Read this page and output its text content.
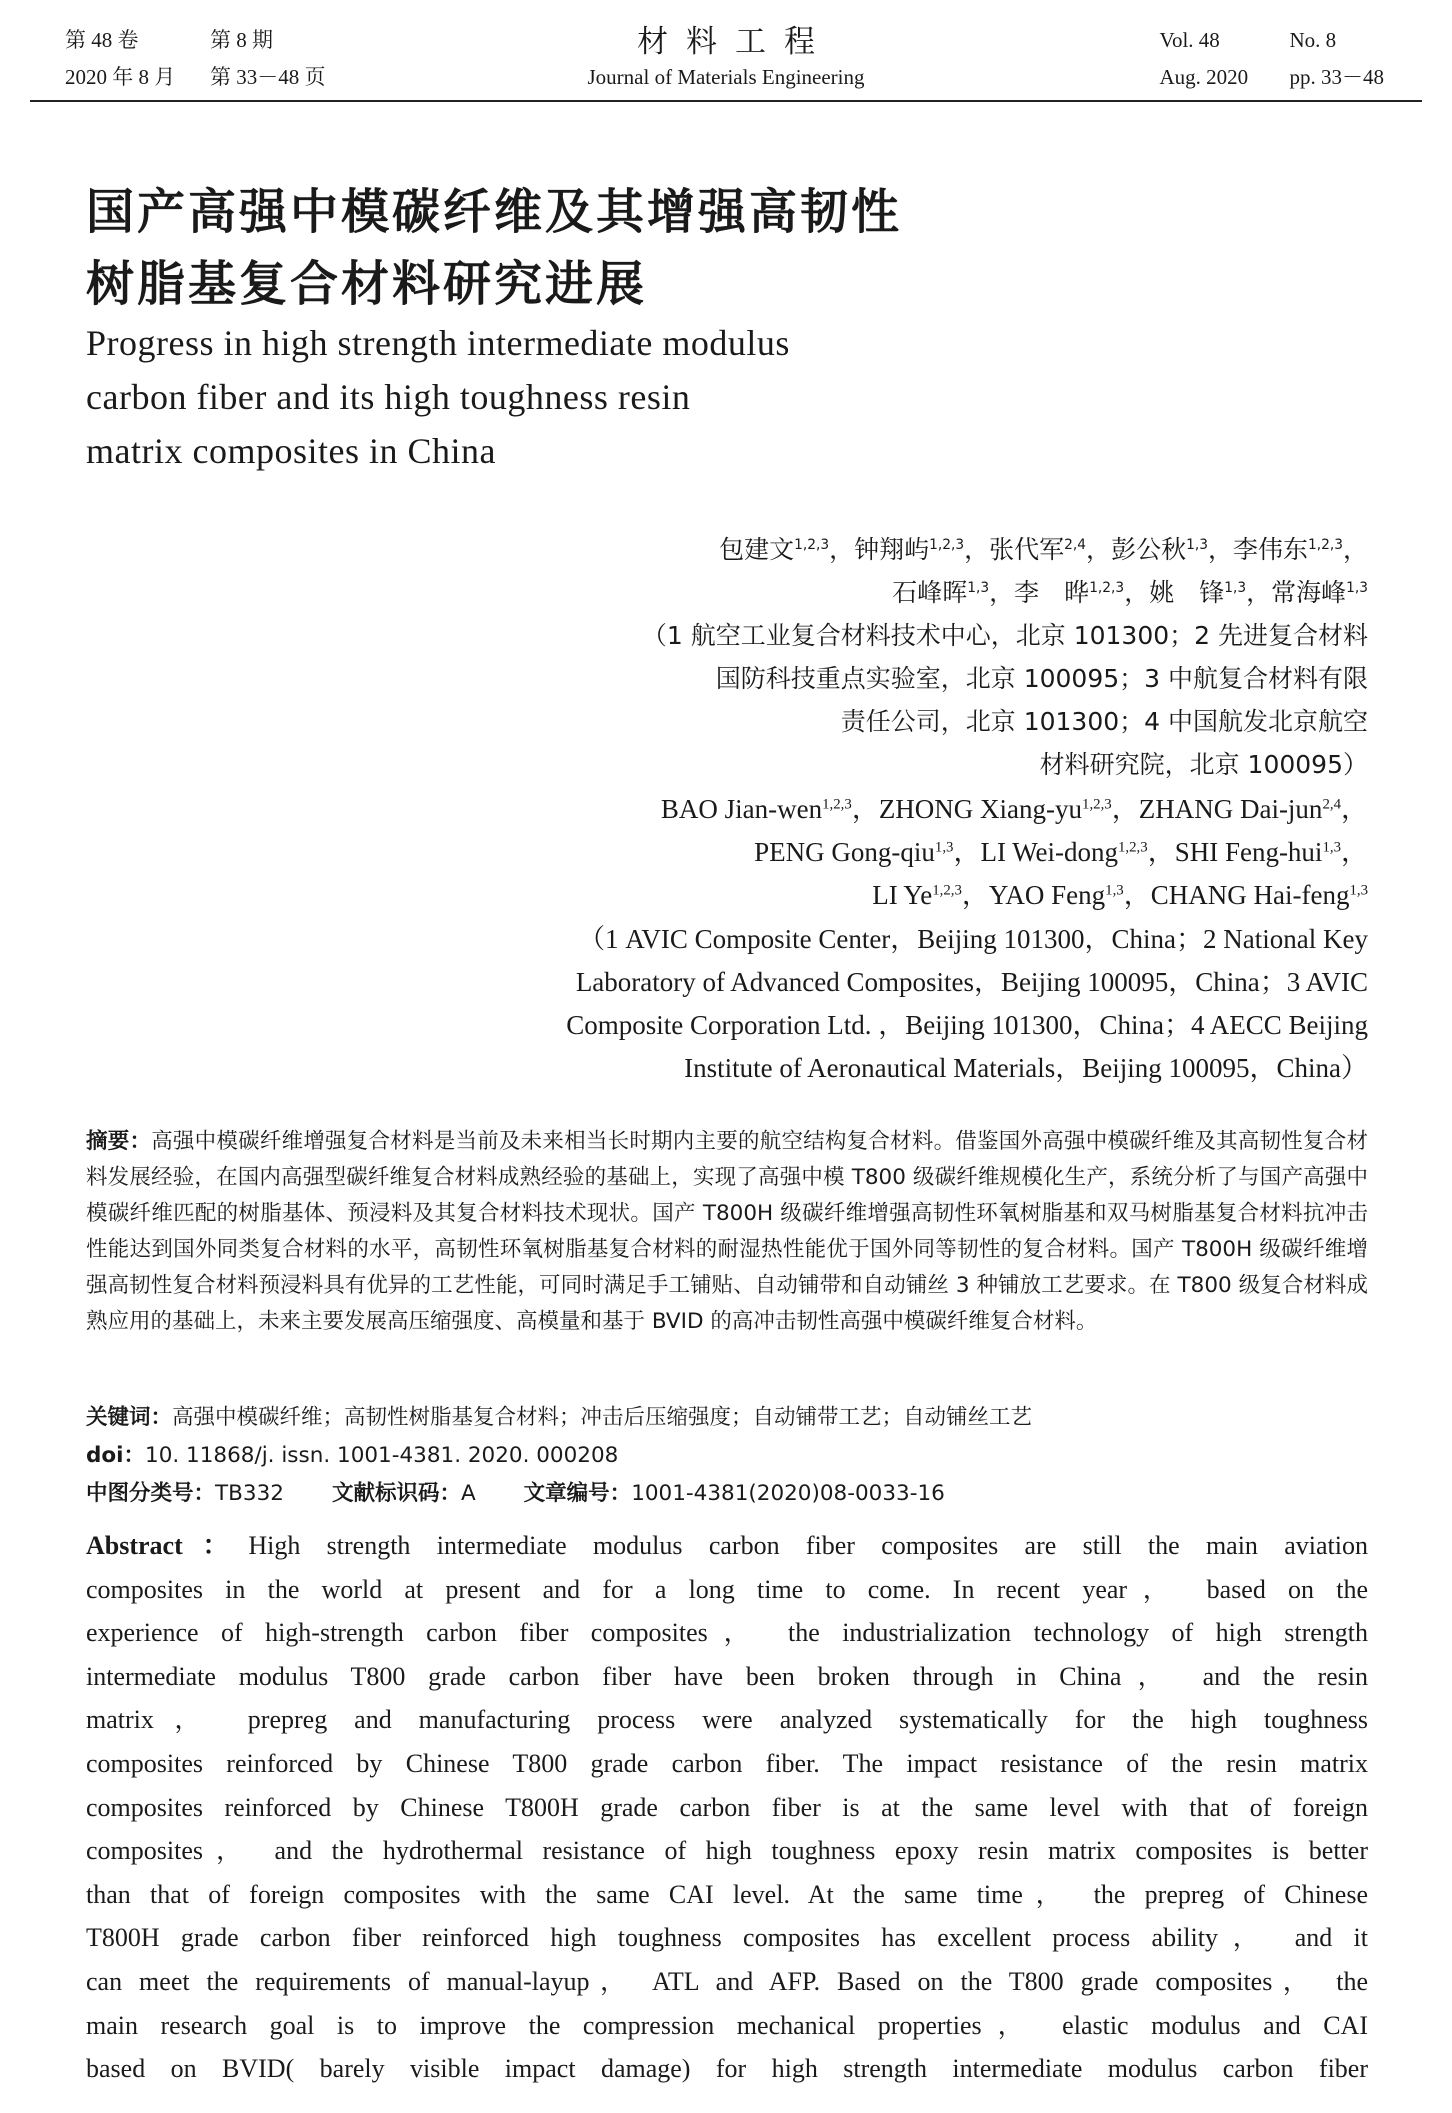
第 48 卷	第 8 期
2020 年 8 月 第 33－48 页
材料工程
Journal of Materials Engineering
Vol. 48	No. 8
Aug. 2020 pp. 33－48
国产高强中模碳纤维及其增强高韧性
树脂基复合材料研究进展
Progress in high strength intermediate modulus
carbon fiber and its high toughness resin
matrix composites in China
包建文$^{1,2,3}$，钟翔屿$^{1,2,3}$，张代军$^{2,4}$，彭公秋$^{1,3}$，李伟东$^{1,2,3}$，
石峰晖$^{1,3}$，李　晔$^{1,2,3}$，姚　锋$^{1,3}$，常海峰$^{1,3}$
（1 航空工业复合材料技术中心，北京 101300；2 先进复合材料
国防科技重点实验室，北京 100095；3 中航复合材料有限
责任公司，北京 101300；4 中国航发北京航空
材料研究院，北京 100095）
BAO Jian-wen$^{1,2,3}$，ZHONG Xiang-yu$^{1,2,3}$，ZHANG Dai-jun$^{2,4}$，
PENG Gong-qiu$^{1,3}$，LI Wei-dong$^{1,2,3}$，SHI Feng-hui$^{1,3}$，
LI Ye$^{1,2,3}$，YAO Feng$^{1,3}$，CHANG Hai-feng$^{1,3}$
（1 AVIC Composite Center，Beijing 101300，China；2 National Key
Laboratory of Advanced Composites，Beijing 100095，China；3 AVIC
Composite Corporation Ltd. ，Beijing 101300，China；4 AECC Beijing
Institute of Aeronautical Materials，Beijing 100095，China）
摘要：高强中模碳纤维增强复合材料是当前及未来相当长时期内主要的航空结构复合材料。借鉴国外高强中模碳纤维及其高韧性复合材料发展经验，在国内高强型碳纤维复合材料成熟经验的基础上，实现了高强中模 T800 级碳纤维规模化生产，系统分析了与国产高强中模碳纤维匹配的树脂基体、预浸料及其复合材料技术现状。国产 T800H 级碳纤维增强高韧性环氧树脂基和双马树脂基复合材料抗冲击性能达到国外同类复合材料的水平，高韧性环氧树脂基复合材料的耐湿热性能优于国外同等韧性的复合材料。国产 T800H 级碳纤维增强高韧性复合材料预浸料具有优异的工艺性能，可同时满足手工铺贴、自动铺带和自动铺丝 3 种铺放工艺要求。在 T800 级复合材料成熟应用的基础上，未来主要发展高压缩强度、高模量和基于 BVID 的高冲击韧性高强中模碳纤维复合材料。
关键词：高强中模碳纤维；高韧性树脂基复合材料；冲击后压缩强度；自动铺带工艺；自动铺丝工艺
doi：10. 11868/j. issn. 1001-4381. 2020. 000208
中图分类号：TB332 文献标识码：A 文章编号：1001-4381(2020)08-0033-16
Abstract：High strength intermediate modulus carbon fiber composites are still the main aviation
composites in the world at present and for a long time to come. In recent year， based on the
experience of high-strength carbon fiber composites， the industrialization technology of high strength
intermediate modulus T800 grade carbon fiber have been broken through in China， and the resin
matrix， prepreg and manufacturing process were analyzed systematically for the high toughness
composites reinforced by Chinese T800 grade carbon fiber. The impact resistance of the resin matrix
composites reinforced by Chinese T800H grade carbon fiber is at the same level with that of foreign
composites， and the hydrothermal resistance of high toughness epoxy resin matrix composites is better
than that of foreign composites with the same CAI level. At the same time， the prepreg of Chinese
T800H grade carbon fiber reinforced high toughness composites has excellent process ability， and it
can meet the requirements of manual-layup， ATL and AFP. Based on the T800 grade composites， the
main research goal is to improve the compression mechanical properties， elastic modulus and CAI
based on BVID( barely visible impact damage) for high strength intermediate modulus carbon fiber
